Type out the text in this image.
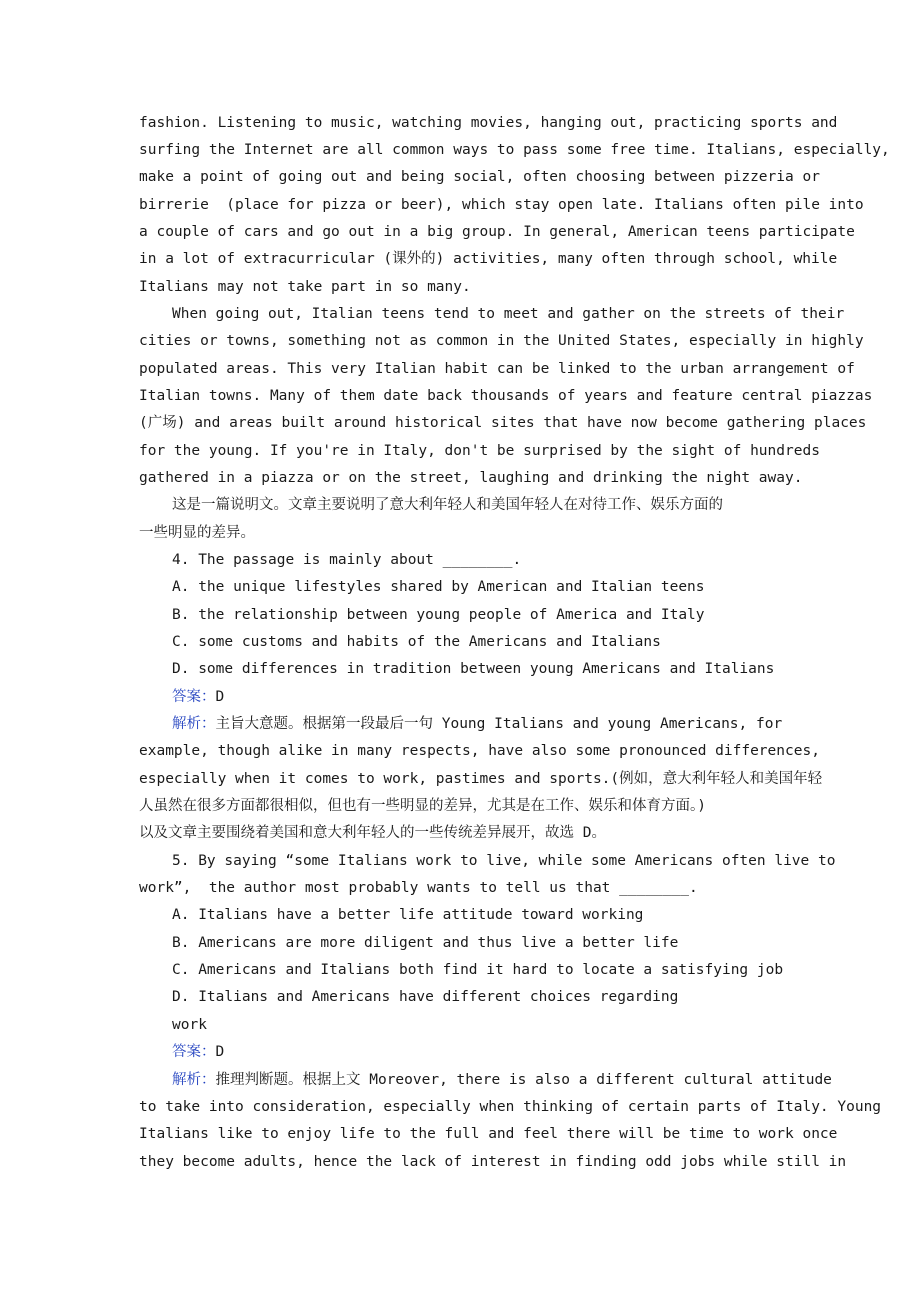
fashion. Listening to music, watching movies, hanging out, practicing sports and
surfing the Internet are all common ways to pass some free time. Italians, especially,
make a point of going out and being social, often choosing between pizzeria or
birrerie  (place for pizza or beer), which stay open late. Italians often pile into
a couple of cars and go out in a big group. In general, American teens participate
in a lot of extracurricular (课外的) activities, many often through school, while
Italians may not take part in so many.
When going out, Italian teens tend to meet and gather on the streets of their
cities or towns, something not as common in the United States, especially in highly
populated areas. This very Italian habit can be linked to the urban arrangement of
Italian towns. Many of them date back thousands of years and feature central piazzas
(广场) and areas built around historical sites that have now become gathering places
for the young. If you're in Italy, don't be surprised by the sight of hundreds
gathered in a piazza or on the street, laughing and drinking the night away.
这是一篇说明文。文章主要说明了意大利年轻人和美国年轻人在对待工作、娱乐方面的
一些明显的差异。
4. The passage is mainly about ________.
A. the unique lifestyles shared by American and Italian teens
B. the relationship between young people of America and Italy
C. some customs and habits of the Americans and Italians
D. some differences in tradition between young Americans and Italians
答案：D
解析：主旨大意题。根据第一段最后一句 Young Italians and young Americans, for
example, though alike in many respects, have also some pronounced differences,
especially when it comes to work, pastimes and sports.(例如，意大利年轻人和美国年轻
人虽然在很多方面都很相似，但也有一些明显的差异，尤其是在工作、娱乐和体育方面。)
以及文章主要围绕着美国和意大利年轻人的一些传统差异展开，故选 D。
5. By saying “some Italians work to live, while some Americans often live to
work”,  the author most probably wants to tell us that ________.
A. Italians have a better life attitude toward working
B. Americans are more diligent and thus live a better life
C. Americans and Italians both find it hard to locate a satisfying job
D. Italians and Americans have different choices regarding
work
答案：D
解析：推理判断题。根据上文 Moreover, there is also a different cultural attitude
to take into consideration, especially when thinking of certain parts of Italy. Young
Italians like to enjoy life to the full and feel there will be time to work once
they become adults, hence the lack of interest in finding odd jobs while still in
